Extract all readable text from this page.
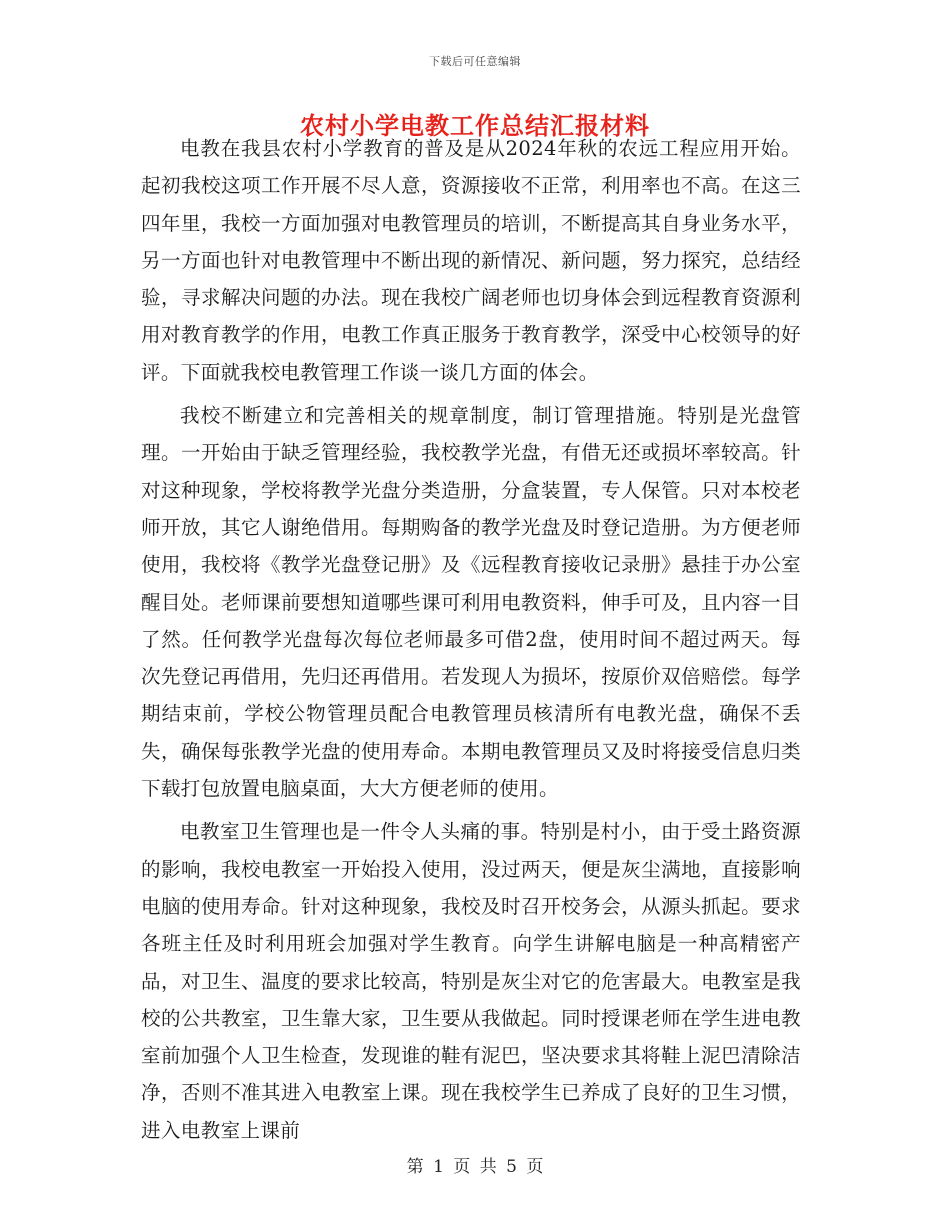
下载后可任意编辑
农村小学电教工作总结汇报材料

电教在我县农村小学教育的普及是从2024年秋的农远工程应用开始。起初我校这项工作开展不尽人意，资源接收不正常，利用率也不高。在这三四年里，我校一方面加强对电教管理员的培训，不断提高其自身业务水平，另一方面也针对电教管理中不断出现的新情况、新问题，努力探究，总结经验，寻求解决问题的办法。现在我校广阔老师也切身体会到远程教育资源利用对教育教学的作用，电教工作真正服务于教育教学，深受中心校领导的好评。下面就我校电教管理工作谈一谈几方面的体会。

我校不断建立和完善相关的规章制度，制订管理措施。特别是光盘管理。一开始由于缺乏管理经验，我校教学光盘，有借无还或损坏率较高。针对这种现象，学校将教学光盘分类造册，分盒装置，专人保管。只对本校老师开放，其它人谢绝借用。每期购备的教学光盘及时登记造册。为方便老师使用，我校将《教学光盘登记册》及《远程教育接收记录册》悬挂于办公室醒目处。老师课前要想知道哪些课可利用电教资料，伸手可及，且内容一目了然。任何教学光盘每次每位老师最多可借2盘，使用时间不超过两天。每次先登记再借用，先归还再借用。若发现人为损坏，按原价双倍赔偿。每学期结束前，学校公物管理员配合电教管理员核清所有电教光盘，确保不丢失，确保每张教学光盘的使用寿命。本期电教管理员又及时将接受信息归类下载打包放置电脑桌面，大大方便老师的使用。

电教室卫生管理也是一件令人头痛的事。特别是村小，由于受土路资源的影响，我校电教室一开始投入使用，没过两天，便是灰尘满地，直接影响电脑的使用寿命。针对这种现象，我校及时召开校务会，从源头抓起。要求各班主任及时利用班会加强对学生教育。向学生讲解电脑是一种高精密产品，对卫生、温度的要求比较高，特别是灰尘对它的危害最大。电教室是我校的公共教室，卫生靠大家，卫生要从我做起。同时授课老师在学生进电教室前加强个人卫生检查，发现谁的鞋有泥巴，坚决要求其将鞋上泥巴清除洁净，否则不准其进入电教室上课。现在我校学生已养成了良好的卫生习惯，进入电教室上课前

第 1 页 共 5 页
